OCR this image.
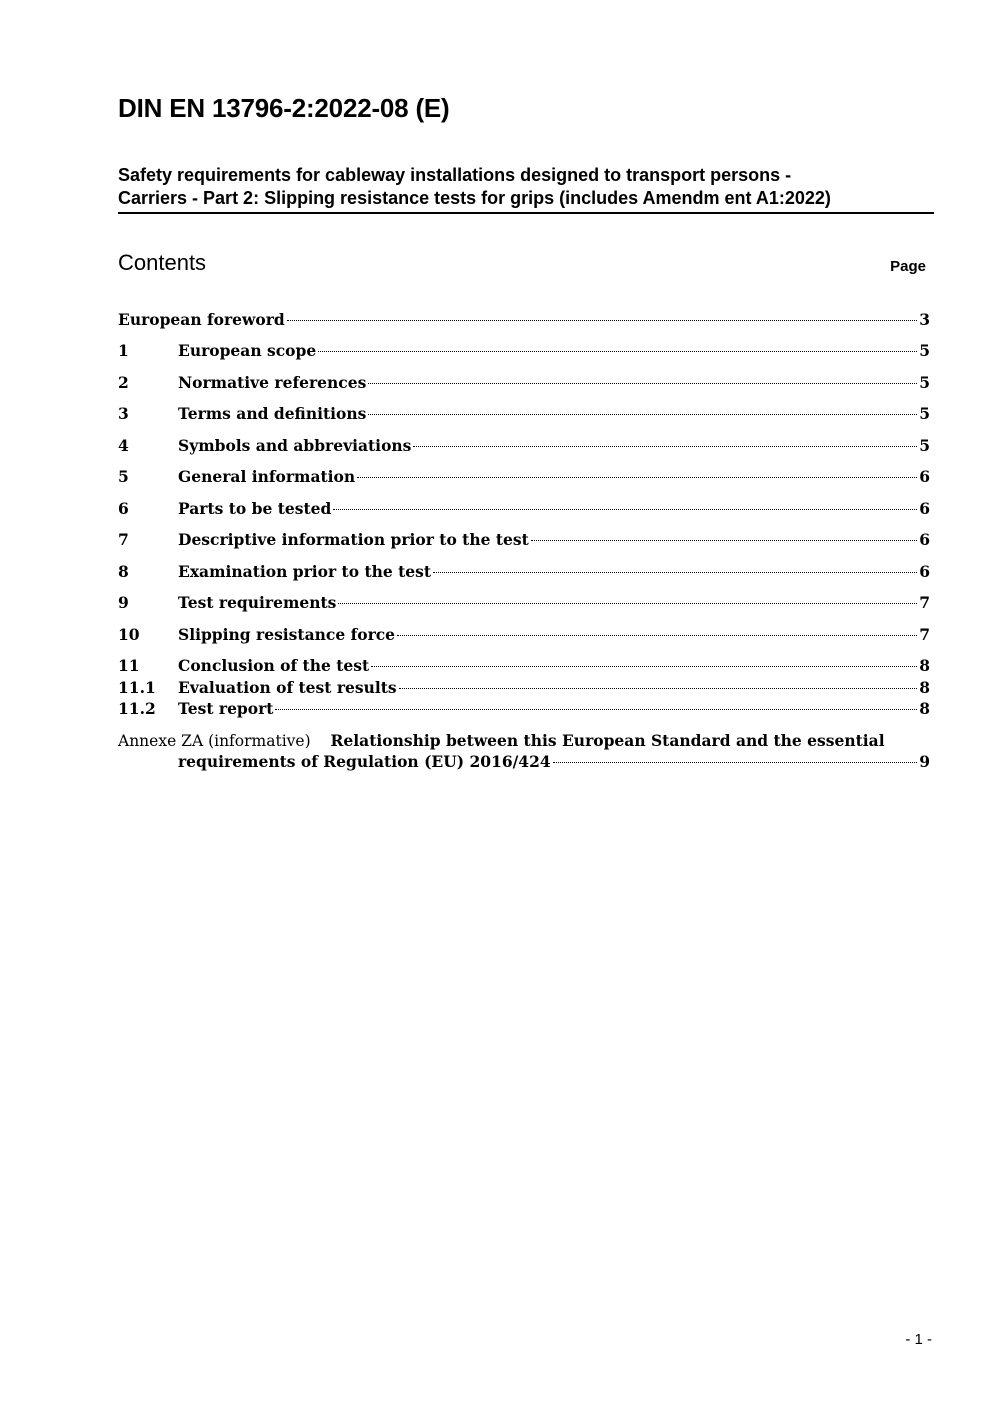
DIN EN 13796-2:2022-08 (E)
Safety requirements for cableway installations designed to transport persons -
Carriers - Part 2: Slipping resistance tests for grips (includes Amendm ent A1:2022)
Contents	Page
European foreword	3
1	European scope	5
2	Normative references	5
3	Terms and definitions	5
4	Symbols and abbreviations	5
5	General information	6
6	Parts to be tested	6
7	Descriptive information prior to the test	6
8	Examination prior to the test	6
9	Test requirements	7
10	Slipping resistance force	7
11	Conclusion of the test	8
11.1	Evaluation of test results	8
11.2	Test report	8
Annexe ZA (informative) Relationship between this European Standard and the essential
requirements of Regulation (EU) 2016/424	9
- 1 -
